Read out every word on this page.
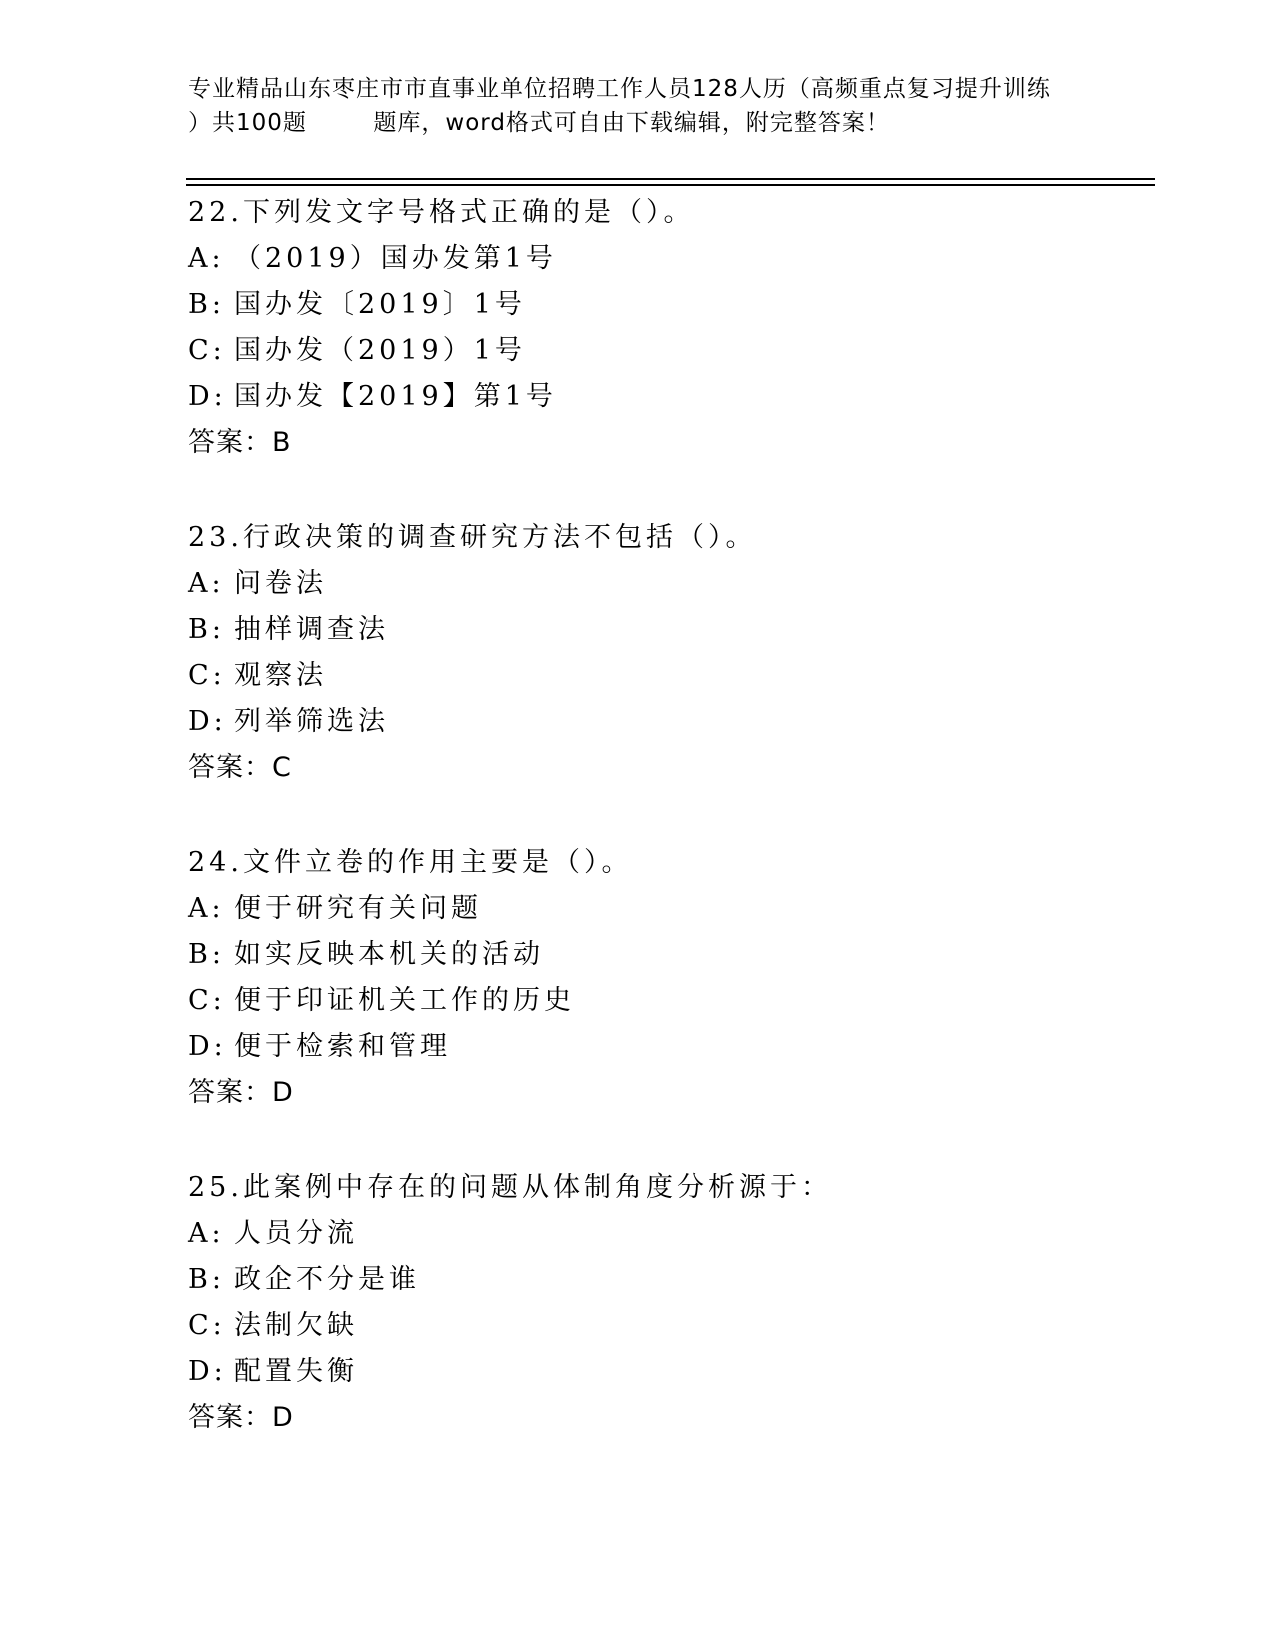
专业精品山东枣庄市市直事业单位招聘工作人员128人历（高频重点复习提升训练
）共100题        题库，word格式可自由下载编辑，附完整答案！
22.下列发文字号格式正确的是（）。
A: （2019）国办发第1号
B: 国办发〔2019〕1号
C: 国办发（2019）1号
D: 国办发【2019】第1号
答案：B
23.行政决策的调查研究方法不包括（）。
A: 问卷法
B: 抽样调查法
C: 观察法
D: 列举筛选法
答案：C
24.文件立卷的作用主要是（）。
A: 便于研究有关问题
B: 如实反映本机关的活动
C: 便于印证机关工作的历史
D: 便于检索和管理
答案：D
25.此案例中存在的问题从体制角度分析源于：
A: 人员分流
B: 政企不分是谁
C: 法制欠缺
D: 配置失衡
答案：D
